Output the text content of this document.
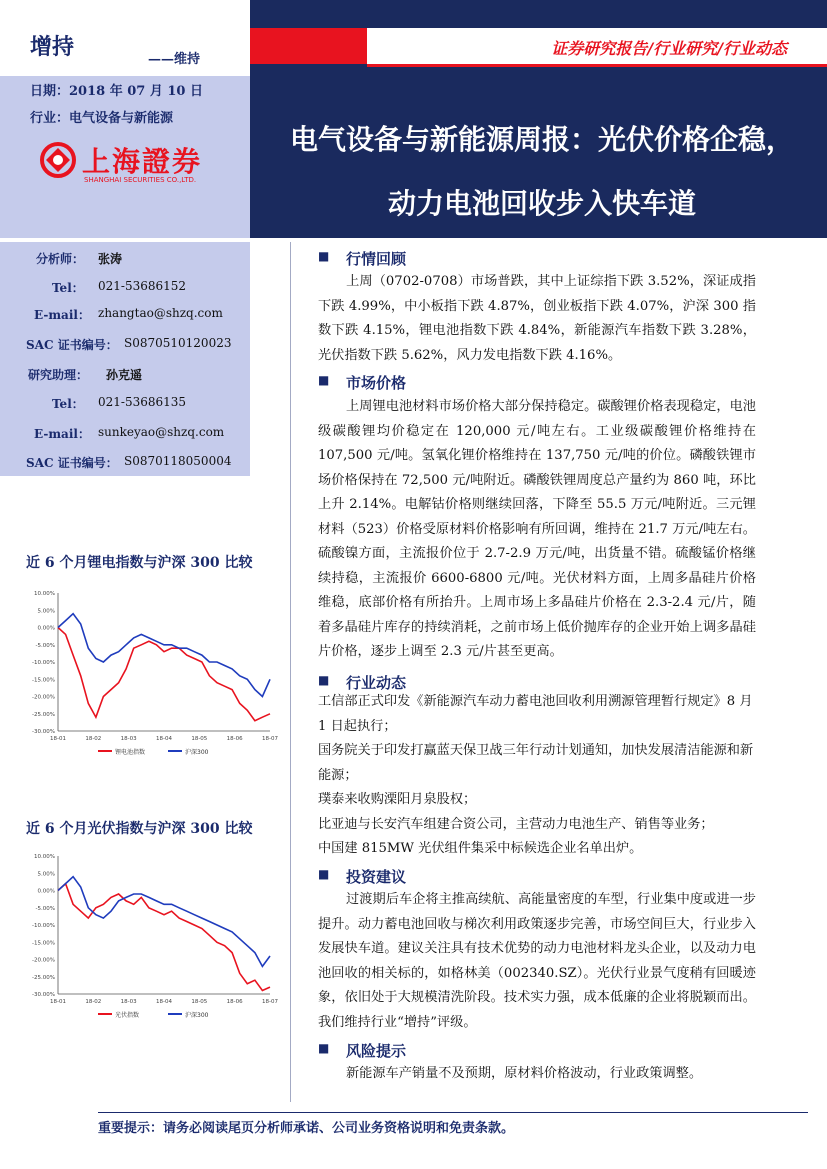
增持	——维持
日期：2018 年 07 月 10 日
行业：电气设备与新能源
上海證券
SHANGHAI SECURITIES CO.,LTD.
证券研究报告/行业研究/行业动态
电气设备与新能源周报：光伏价格企稳，
动力电池回收步入快车道
分析师： 张涛
Tel： 021-53686152
E-mail： zhangtao@shzq.com
SAC 证书编号： S0870510120023
研究助理： 孙克遥
Tel： 021-53686135
E-mail： sunkeyao@shzq.com
SAC 证书编号： S0870118050004
近 6 个月锂电指数与沪深 300 比较
10.00%
5.00%
0.00%
-5.00%
-10.00%
-15.00%
-20.00%
-25.00%
-30.00%
18-01	18-02	18-03	18-04	18-05	18-06	18-07
锂电池指数	沪深300
近 6 个月光伏指数与沪深 300 比较
10.00%
5.00%
0.00%
-5.00%
-10.00%
-15.00%
-20.00%
-25.00%
-30.00%
18-01	18-02	18-03	18-04	18-05	18-06	18-07
光伏指数	沪深300
■ 行情回顾
上周（0702-0708）市场普跌，其中上证综指下跌 3.52%，深证成指下跌 4.99%，中小板指下跌 4.87%，创业板指下跌 4.07%，沪深 300 指数下跌 4.15%，锂电池指数下跌 4.84%，新能源汽车指数下跌 3.28%，光伏指数下跌 5.62%，风力发电指数下跌 4.16%。
■ 市场价格
上周锂电池材料市场价格大部分保持稳定。碳酸锂价格表现稳定，电池级碳酸锂均价稳定在 120,000 元/吨左右。工业级碳酸锂价格维持在 107,500 元/吨。氢氧化锂价格维持在 137,750 元/吨的价位。磷酸铁锂市场价格保持在 72,500 元/吨附近。磷酸铁锂周度总产量约为 860 吨，环比上升 2.14%。电解钴价格则继续回落，下降至 55.5 万元/吨附近。三元锂材料（523）价格受原材料价格影响有所回调，维持在 21.7 万元/吨左右。硫酸镍方面，主流报价位于 2.7-2.9 万元/吨，出货量不错。硫酸锰价格继续持稳，主流报价 6600-6800 元/吨。光伏材料方面，上周多晶硅片价格维稳，底部价格有所抬升。上周市场上多晶硅片价格在 2.3-2.4 元/片，随着多晶硅片库存的持续消耗，之前市场上低价抛库存的企业开始上调多晶硅片价格，逐步上调至 2.3 元/片甚至更高。
■ 行业动态
工信部正式印发《新能源汽车动力蓄电池回收利用溯源管理暂行规定》8 月 1 日起执行；
国务院关于印发打赢蓝天保卫战三年行动计划通知，加快发展清洁能源和新能源；
璞泰来收购溧阳月泉股权；
比亚迪与长安汽车组建合资公司，主营动力电池生产、销售等业务；
中国建 815MW 光伏组件集采中标候选企业名单出炉。
■ 投资建议
过渡期后车企将主推高续航、高能量密度的车型，行业集中度或进一步提升。动力蓄电池回收与梯次利用政策逐步完善，市场空间巨大，行业步入发展快车道。建议关注具有技术优势的动力电池材料龙头企业，以及动力电池回收的相关标的，如格林美（002340.SZ）。光伏行业景气度稍有回暖迹象，依旧处于大规模清洗阶段。技术实力强，成本低廉的企业将脱颖而出。我们维持行业“增持”评级。
■ 风险提示
新能源车产销量不及预期，原材料价格波动，行业政策调整。
重要提示：请务必阅读尾页分析师承诺、公司业务资格说明和免责条款。
